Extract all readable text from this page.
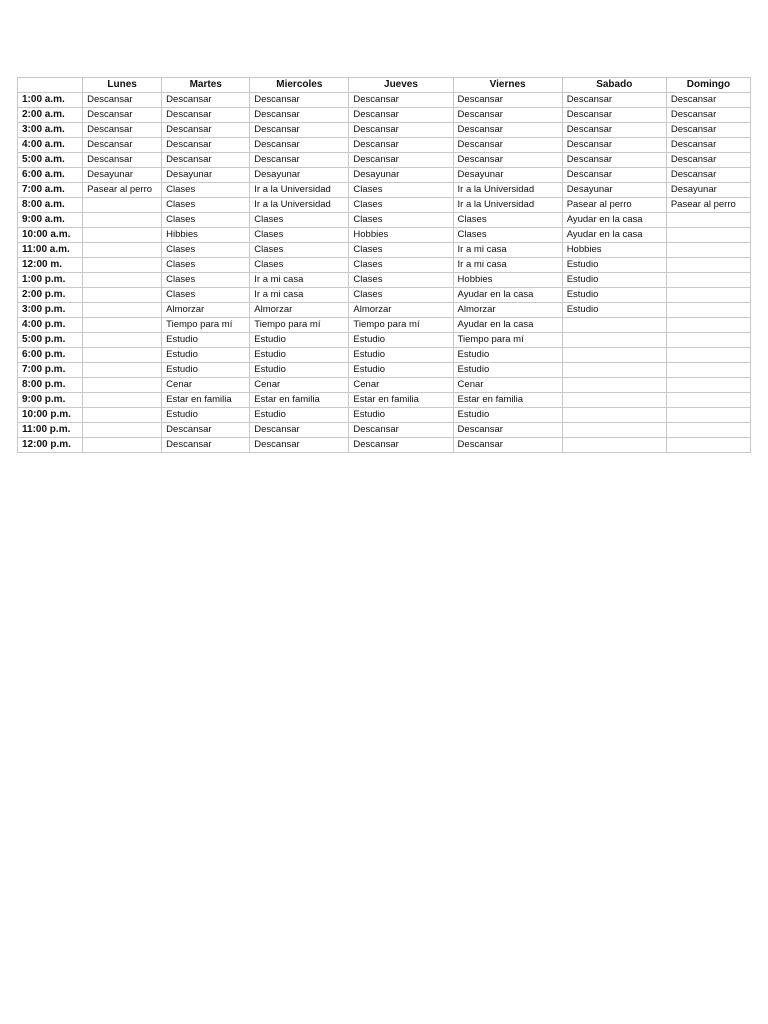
	Lunes	Martes	Miercoles	Jueves	Viernes	Sabado	Domingo
1:00 a.m.	Descansar	Descansar	Descansar	Descansar	Descansar	Descansar	Descansar
2:00 a.m.	Descansar	Descansar	Descansar	Descansar	Descansar	Descansar	Descansar
3:00 a.m.	Descansar	Descansar	Descansar	Descansar	Descansar	Descansar	Descansar
4:00 a.m.	Descansar	Descansar	Descansar	Descansar	Descansar	Descansar	Descansar
5:00 a.m.	Descansar	Descansar	Descansar	Descansar	Descansar	Descansar	Descansar
6:00 a.m.	Desayunar	Desayunar	Desayunar	Desayunar	Desayunar	Descansar	Descansar
7:00 a.m.	Pasear al perro	Clases	Ir a la Universidad	Clases	Ir a la Universidad	Desayunar	Desayunar
8:00 a.m.		Clases	Ir a la Universidad	Clases	Ir a la Universidad	Pasear al perro	Pasear al perro
9:00 a.m.		Clases	Clases	Clases	Clases	Ayudar en la casa	
10:00 a.m.		Hibbies	Clases	Hobbies	Clases	Ayudar en la casa	
11:00 a.m.		Clases	Clases	Clases	Ir a mi casa	Hobbies	
12:00 m.		Clases	Clases	Clases	Ir a mi casa	Estudio	
1:00 p.m.		Clases	Ir a mi casa	Clases	Hobbies	Estudio	
2:00 p.m.		Clases	Ir a mi casa	Clases	Ayudar en la casa	Estudio	
3:00 p.m.		Almorzar	Almorzar	Almorzar	Almorzar	Estudio	
4:00 p.m.		Tiempo para mí	Tiempo para mí	Tiempo para mí	Ayudar en la casa		
5:00 p.m.		Estudio	Estudio	Estudio	Tiempo para mí		
6:00 p.m.		Estudio	Estudio	Estudio	Estudio		
7:00 p.m.		Estudio	Estudio	Estudio	Estudio		
8:00 p.m.		Cenar	Cenar	Cenar	Cenar		
9:00 p.m.		Estar en familia	Estar en familia	Estar en familia	Estar en familia		
10:00 p.m.		Estudio	Estudio	Estudio	Estudio		
11:00 p.m.		Descansar	Descansar	Descansar	Descansar		
12:00 p.m.		Descansar	Descansar	Descansar	Descansar		
